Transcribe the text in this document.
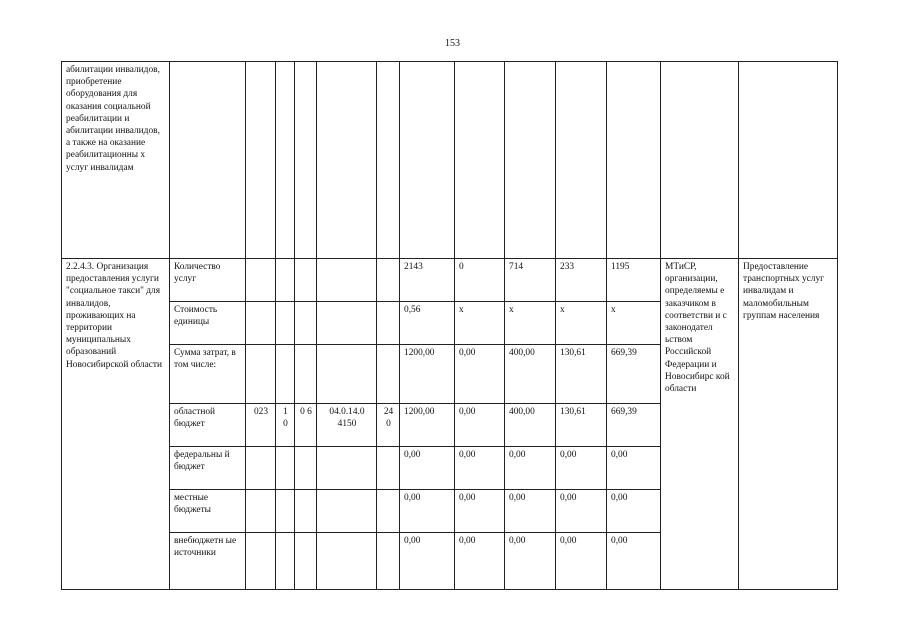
153
абилитации инвалидов, приобретение оборудования для оказания социальной реабилитации и абилитации инвалидов, а также на оказание реабилитационны х услуг инвалидам													
2.2.4.3. Организация предоставления услуги "социальное такси" для инвалидов, проживающих на территории муниципальных образований Новосибирской области	Количество услуг						2143	0	714	233	1195	МТиСР, организации, определяемы е заказчиком в соответстви и с законодател ьством Российской Федерации и Новосибирс кой области	Предоставление транспортных услуг инвалидам и маломобильным группам населения
	Стоимость единицы						0,56	x	x	x	x		
	Сумма затрат, в том числе:						1200,00	0,00	400,00	130,61	669,39		
	областной бюджет	023	1 0	0 6	04.0.14.0 4150	24 0	1200,00	0,00	400,00	130,61	669,39		
	федеральны й бюджет						0,00	0,00	0,00	0,00	0,00		
	местные бюджеты						0,00	0,00	0,00	0,00	0,00		
	внебюджетн ые источники						0,00	0,00	0,00	0,00	0,00		
